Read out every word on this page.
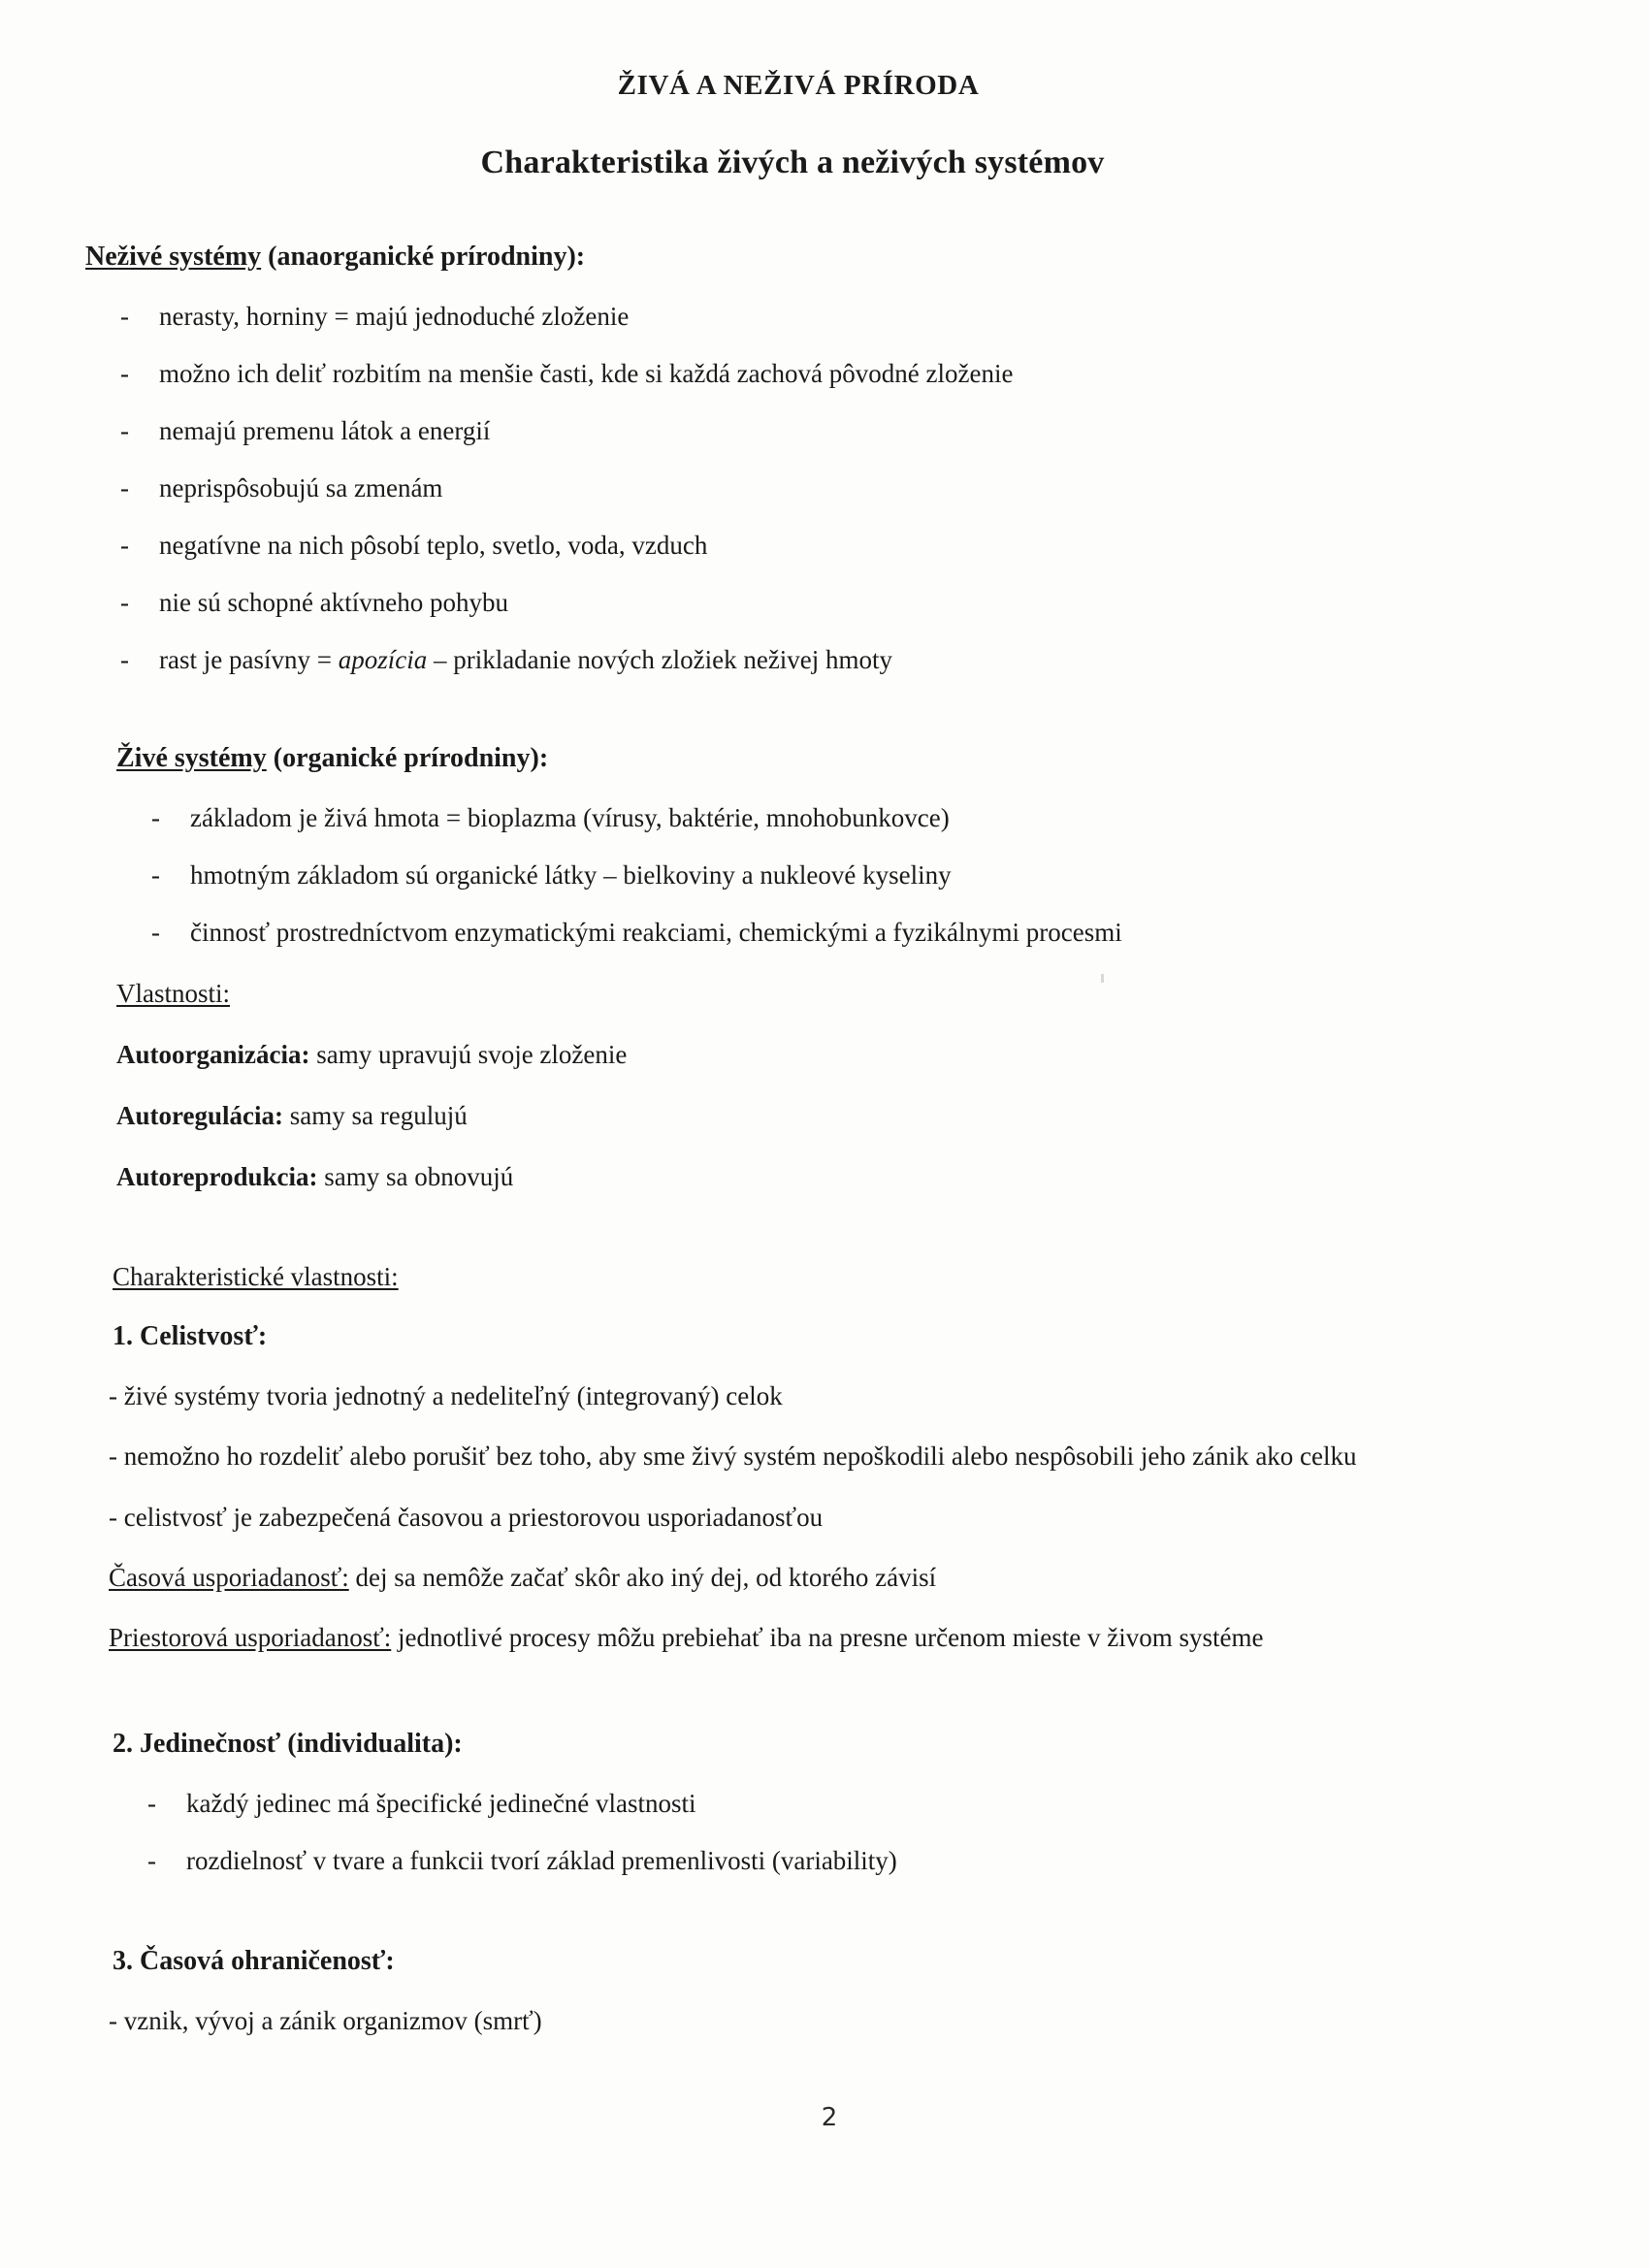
ŽIVÁ A NEŽIVÁ PRÍRODA
Charakteristika živých a neživých systémov

Neživé systémy (anaorganické prírodniny):

- nerasty, horniny = majú jednoduché zloženie
- možno ich deliť rozbitím na menšie časti, kde si každá zachová pôvodné zloženie
- nemajú premenu látok a energií
- neprispôsobujú sa zmenám
- negatívne na nich pôsobí teplo, svetlo, voda, vzduch
- nie sú schopné aktívneho pohybu
- rast je pasívny = apozícia – prikladanie nových zložiek neživej hmoty

Živé systémy (organické prírodniny):

- základom je živá hmota = bioplazma (vírusy, baktérie, mnohobunkovce)
- hmotným základom sú organické látky – bielkoviny a nukleové kyseliny
- činnosť prostredníctvom enzymatickými reakciami, chemickými a fyzikálnymi procesmi

Vlastnosti:

Autoorganizácia: samy upravujú svoje zloženie

Autoregulácia: samy sa regulujú

Autoreprodukcia: samy sa obnovujú

Charakteristické vlastnosti:

1. Celistvosť:

- živé systémy tvoria jednotný a nedeliteľný (integrovaný) celok

- nemožno ho rozdeliť alebo porušiť bez toho, aby sme živý systém nepoškodili alebo nespôsobili jeho zánik ako celku

- celistvosť je zabezpečená časovou a priestorovou usporiadanosťou

Časová usporiadanosť: dej sa nemôže začať skôr ako iný dej, od ktorého závisí

Priestorová usporiadanosť: jednotlivé procesy môžu prebiehať iba na presne určenom mieste v živom systéme

2. Jedinečnosť (individualita):

- každý jedinec má špecifické jedinečné vlastnosti
- rozdielnosť v tvare a funkcii tvorí základ premenlivosti (variability)

3. Časová ohraničenosť:

- vznik, vývoj a zánik organizmov (smrť)

2
